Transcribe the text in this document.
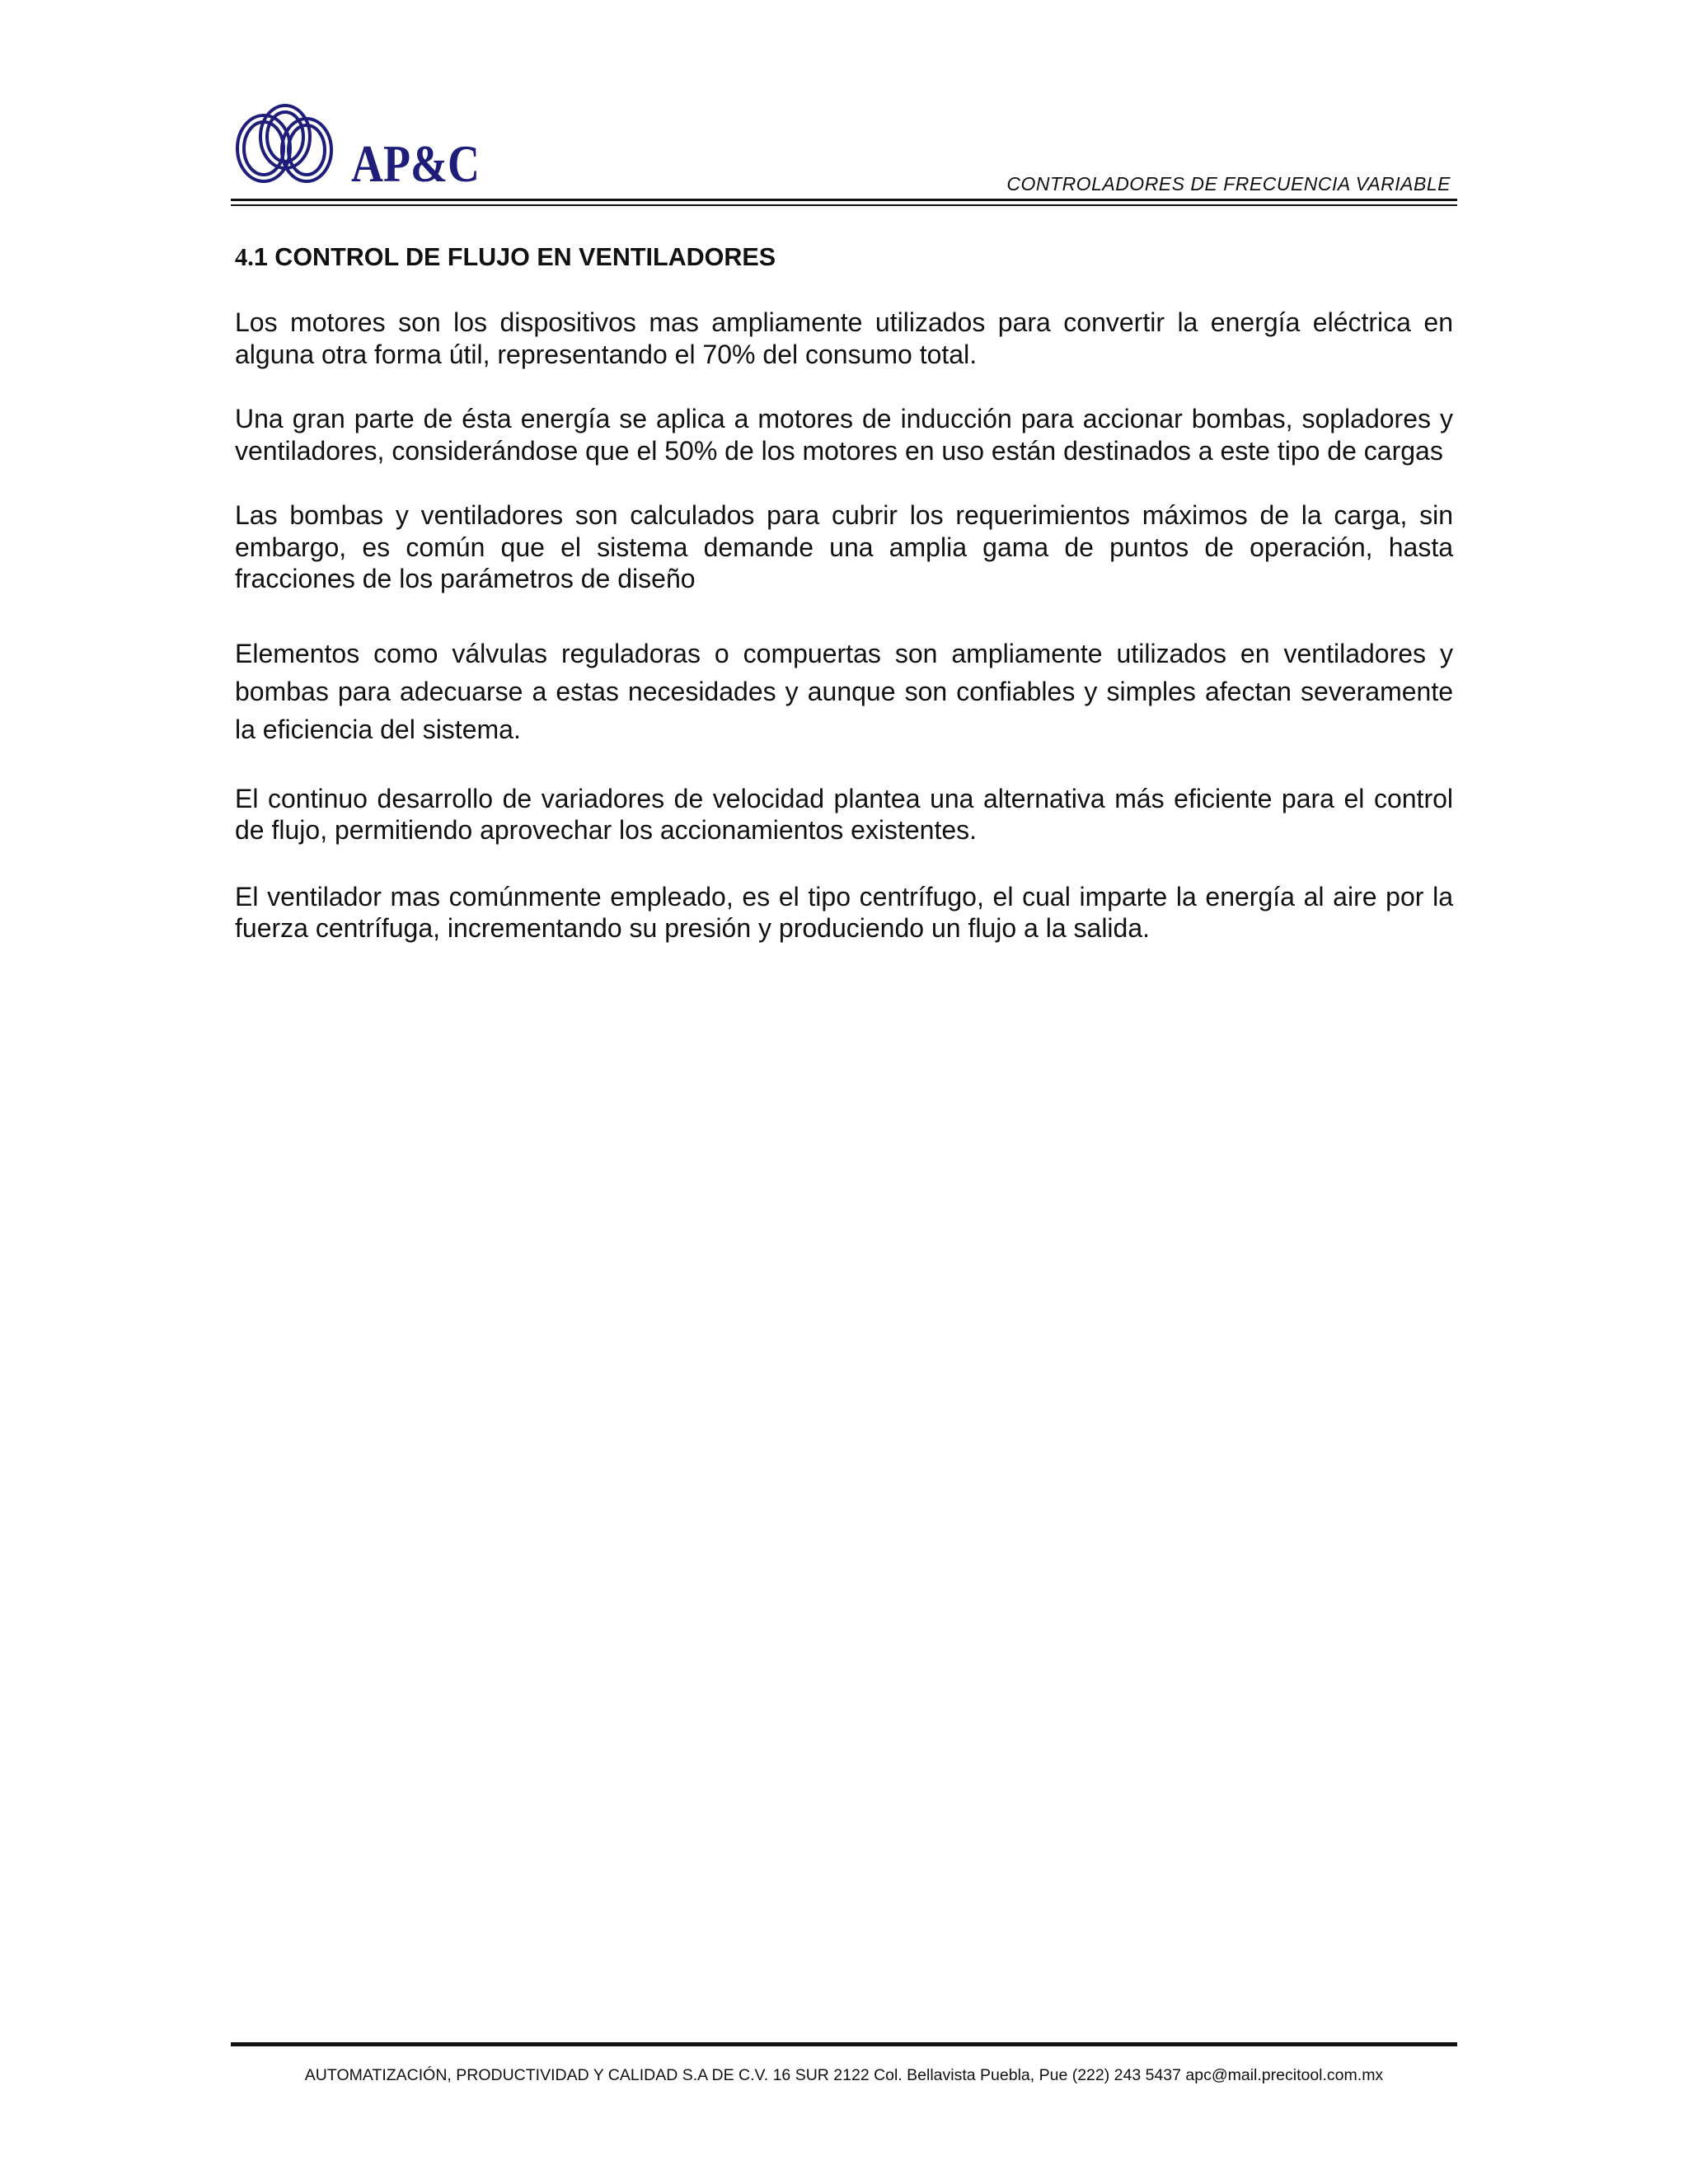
AP&C	CONTROLADORES DE FRECUENCIA VARIABLE
4.1 CONTROL DE FLUJO EN VENTILADORES

Los motores son los dispositivos mas ampliamente utilizados para convertir la energía eléctrica en alguna otra forma útil, representando el 70% del consumo total.

Una gran parte de ésta energía se aplica a motores de inducción para accionar bombas, sopladores y ventiladores, considerándose que el 50% de los motores en uso están destinados a este tipo de cargas

Las bombas y ventiladores son calculados para cubrir los requerimientos máximos de la carga, sin embargo, es común que el sistema demande una amplia gama de puntos de operación, hasta fracciones de los parámetros de diseño

Elementos como válvulas reguladoras o compuertas son ampliamente utilizados en ventiladores y bombas para adecuarse a estas necesidades y aunque son confiables y simples afectan severamente la eficiencia del sistema.

El continuo desarrollo de variadores de velocidad plantea una alternativa más eficiente para el control de flujo, permitiendo aprovechar los accionamientos existentes.

El ventilador mas comúnmente empleado, es el tipo centrífugo, el cual imparte la energía al aire por la fuerza centrífuga, incrementando su presión y produciendo un flujo a la salida.

AUTOMATIZACIÓN, PRODUCTIVIDAD Y CALIDAD S.A DE C.V. 16 SUR 2122 Col. Bellavista Puebla, Pue (222) 243 5437 apc@mail.precitool.com.mx
